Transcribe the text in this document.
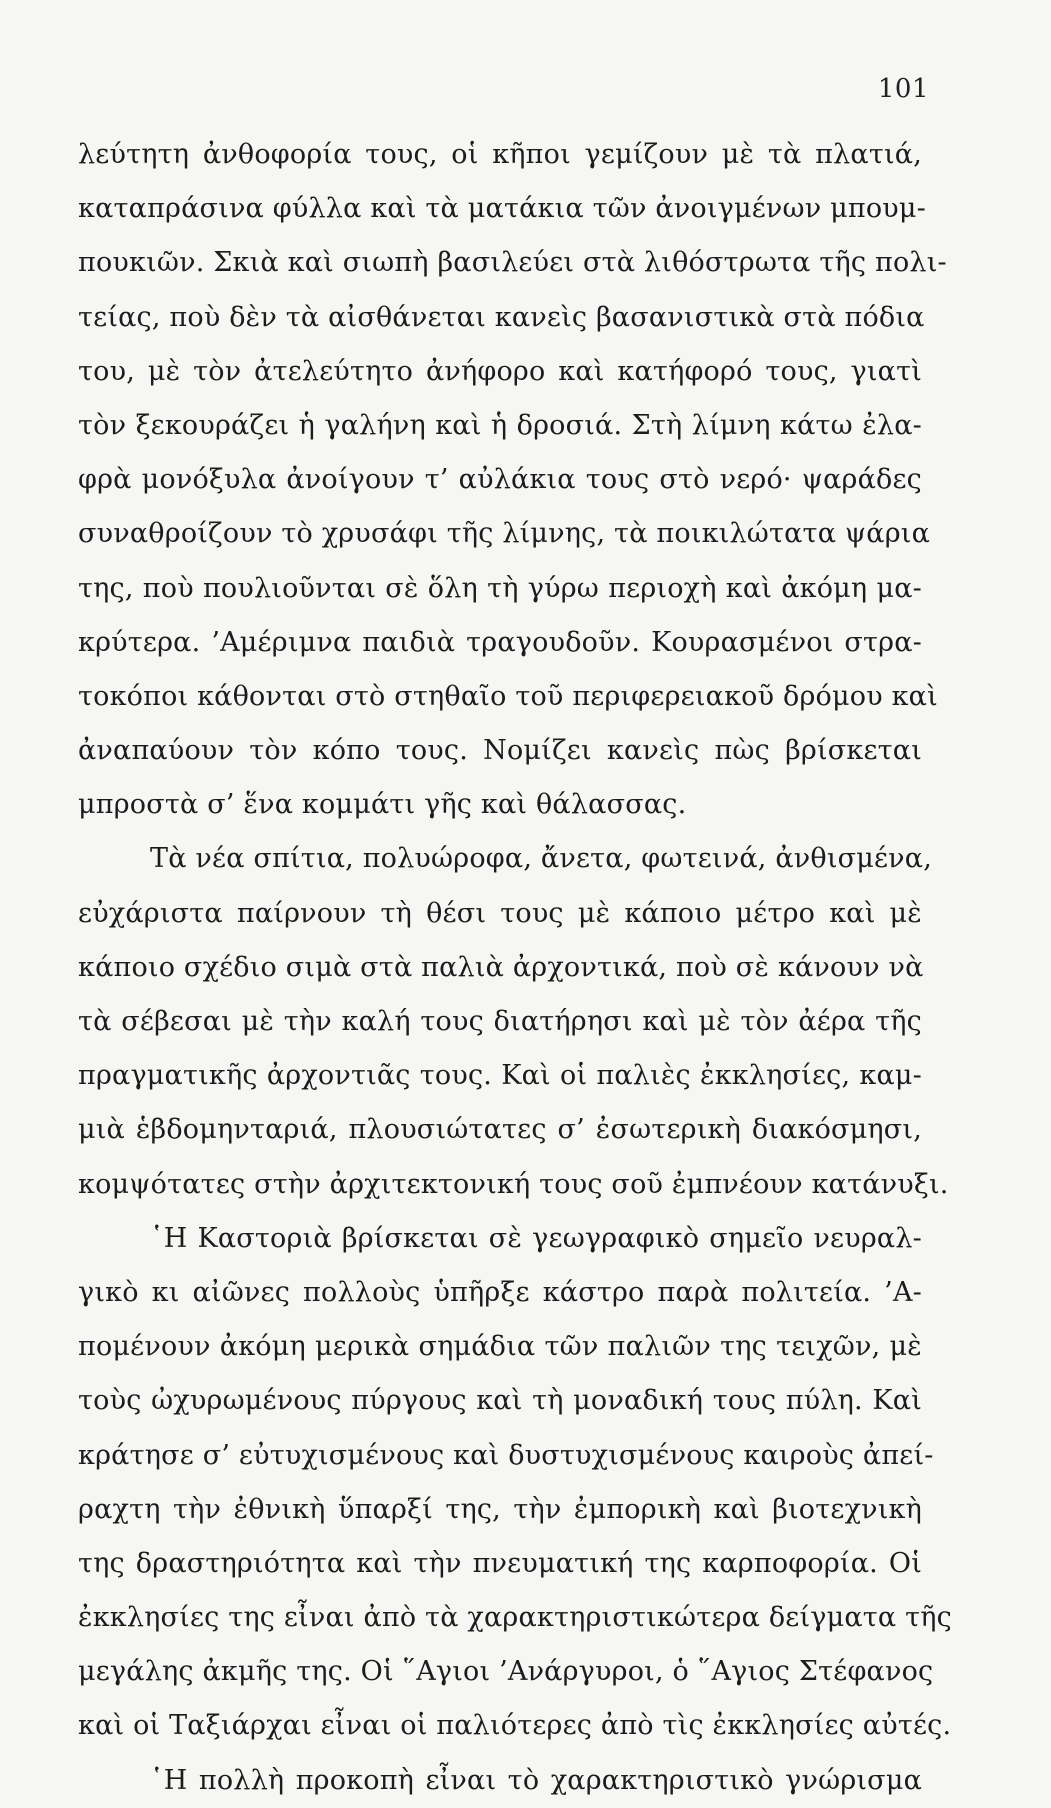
101
λεύτητη ἀνθοφορία τους, οἱ κῆποι γεμίζουν μὲ τὰ πλατιά,
καταπράσινα φύλλα καὶ τὰ ματάκια τῶν ἀνοιγμένων μπουμ-
πουκιῶν. Σκιὰ καὶ σιωπὴ βασιλεύει στὰ λιθόστρωτα τῆς πολι-
τείας, ποὺ δὲν τὰ αἰσθάνεται κανεὶς βασανιστικὰ στὰ πόδια
του, μὲ τὸν ἀτελεύτητο ἀνήφορο καὶ κατήφορό τους, γιατὶ
τὸν ξεκουράζει ἡ γαλήνη καὶ ἡ δροσιά. Στὴ λίμνη κάτω ἐλα-
φρὰ μονόξυλα ἀνοίγουν τ’ αὐλάκια τους στὸ νερό· ψαράδες
συναθροίζουν τὸ χρυσάφι τῆς λίμνης, τὰ ποικιλώτατα ψάρια
της, ποὺ πουλιοῦνται σὲ ὅλη τὴ γύρω περιοχὴ καὶ ἀκόμη μα-
κρύτερα. ’Αμέριμνα παιδιὰ τραγουδοῦν. Κουρασμένοι στρα-
τοκόποι κάθονται στὸ στηθαῖο τοῦ περιφερειακοῦ δρόμου καὶ
ἀναπαύουν τὸν κόπο τους. Νομίζει κανεὶς πὼς βρίσκεται
μπροστὰ σ’ ἕνα κομμάτι γῆς καὶ θάλασσας.
Τὰ νέα σπίτια, πολυώροφα, ἄνετα, φωτεινά, ἀνθισμένα,
εὐχάριστα παίρνουν τὴ θέσι τους μὲ κάποιο μέτρο καὶ μὲ
κάποιο σχέδιο σιμὰ στὰ παλιὰ ἀρχοντικά, ποὺ σὲ κάνουν νὰ
τὰ σέβεσαι μὲ τὴν καλή τους διατήρησι καὶ μὲ τὸν ἀέρα τῆς
πραγματικῆς ἀρχοντιᾶς τους. Καὶ οἱ παλιὲς ἐκκλησίες, καμ-
μιὰ ἑβδομηνταριά, πλουσιώτατες σ’ ἐσωτερικὴ διακόσμησι,
κομψότατες στὴν ἀρχιτεκτονική τους σοῦ ἐμπνέουν κατάνυξι.
῾Η Καστοριὰ βρίσκεται σὲ γεωγραφικὸ σημεῖο νευραλ-
γικὸ κι αἰῶνες πολλοὺς ὑπῆρξε κάστρο παρὰ πολιτεία. ’Α-
πομένουν ἀκόμη μερικὰ σημάδια τῶν παλιῶν της τειχῶν, μὲ
τοὺς ὠχυρωμένους πύργους καὶ τὴ μοναδική τους πύλη. Καὶ
κράτησε σ’ εὐτυχισμένους καὶ δυστυχισμένους καιροὺς ἀπεί-
ραχτη τὴν ἐθνικὴ ὕπαρξί της, τὴν ἐμπορικὴ καὶ βιοτεχνικὴ
της δραστηριότητα καὶ τὴν πνευματική της καρποφορία. Οἱ
ἐκκλησίες της εἶναι ἀπὸ τὰ χαρακτηριστικώτερα δείγματα τῆς
μεγάλης ἀκμῆς της. Οἱ ῞Αγιοι ’Ανάργυροι, ὁ ῞Αγιος Στέφανος
καὶ οἱ Ταξιάρχαι εἶναι οἱ παλιότερες ἀπὸ τὶς ἐκκλησίες αὐτές.
῾Η πολλὴ προκοπὴ εἶναι τὸ χαρακτηριστικὸ γνώρισμα
